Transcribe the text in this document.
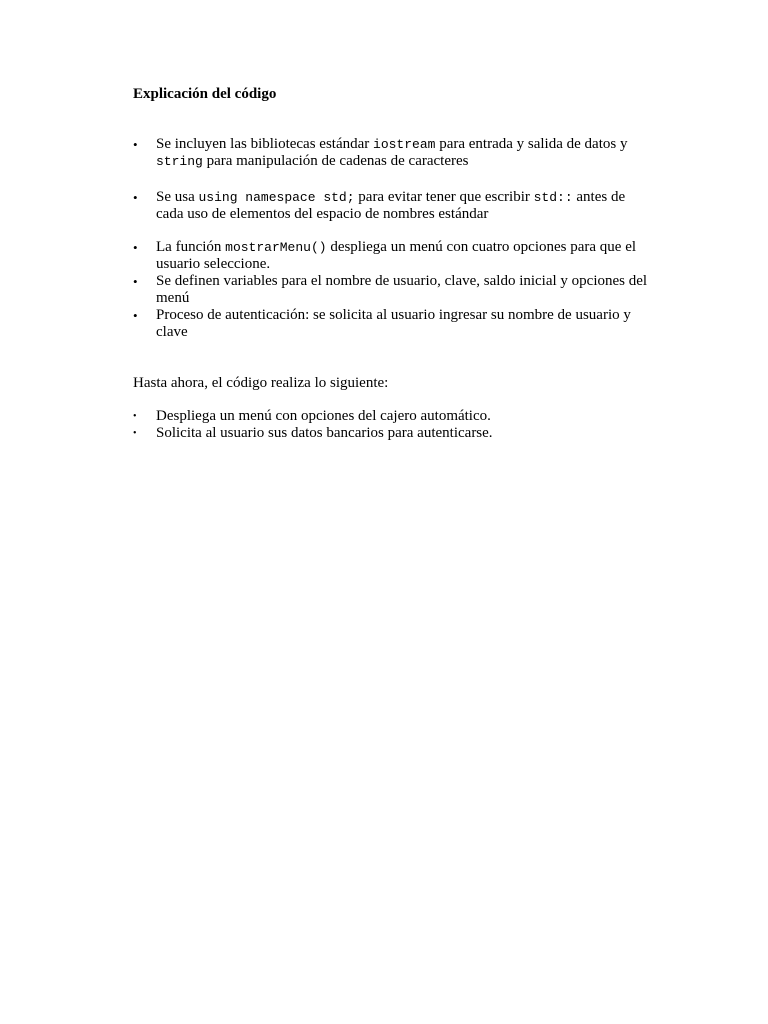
Explicación del código
•	Se incluyen las bibliotecas estándar iostream para entrada y salida de datos y
string para manipulación de cadenas de caracteres
•	Se usa using namespace std; para evitar tener que escribir std:: antes de cada uso de elementos del espacio de nombres estándar
•	La función mostrarMenu() despliega un menú con cuatro opciones para que el usuario seleccione.
•	Se definen variables para el nombre de usuario, clave, saldo inicial y opciones del menú
•	Proceso de autenticación: se solicita al usuario ingresar su nombre de usuario y clave
Hasta ahora, el código realiza lo siguiente:
•	Despliega un menú con opciones del cajero automático.
•	Solicita al usuario sus datos bancarios para autenticarse.
